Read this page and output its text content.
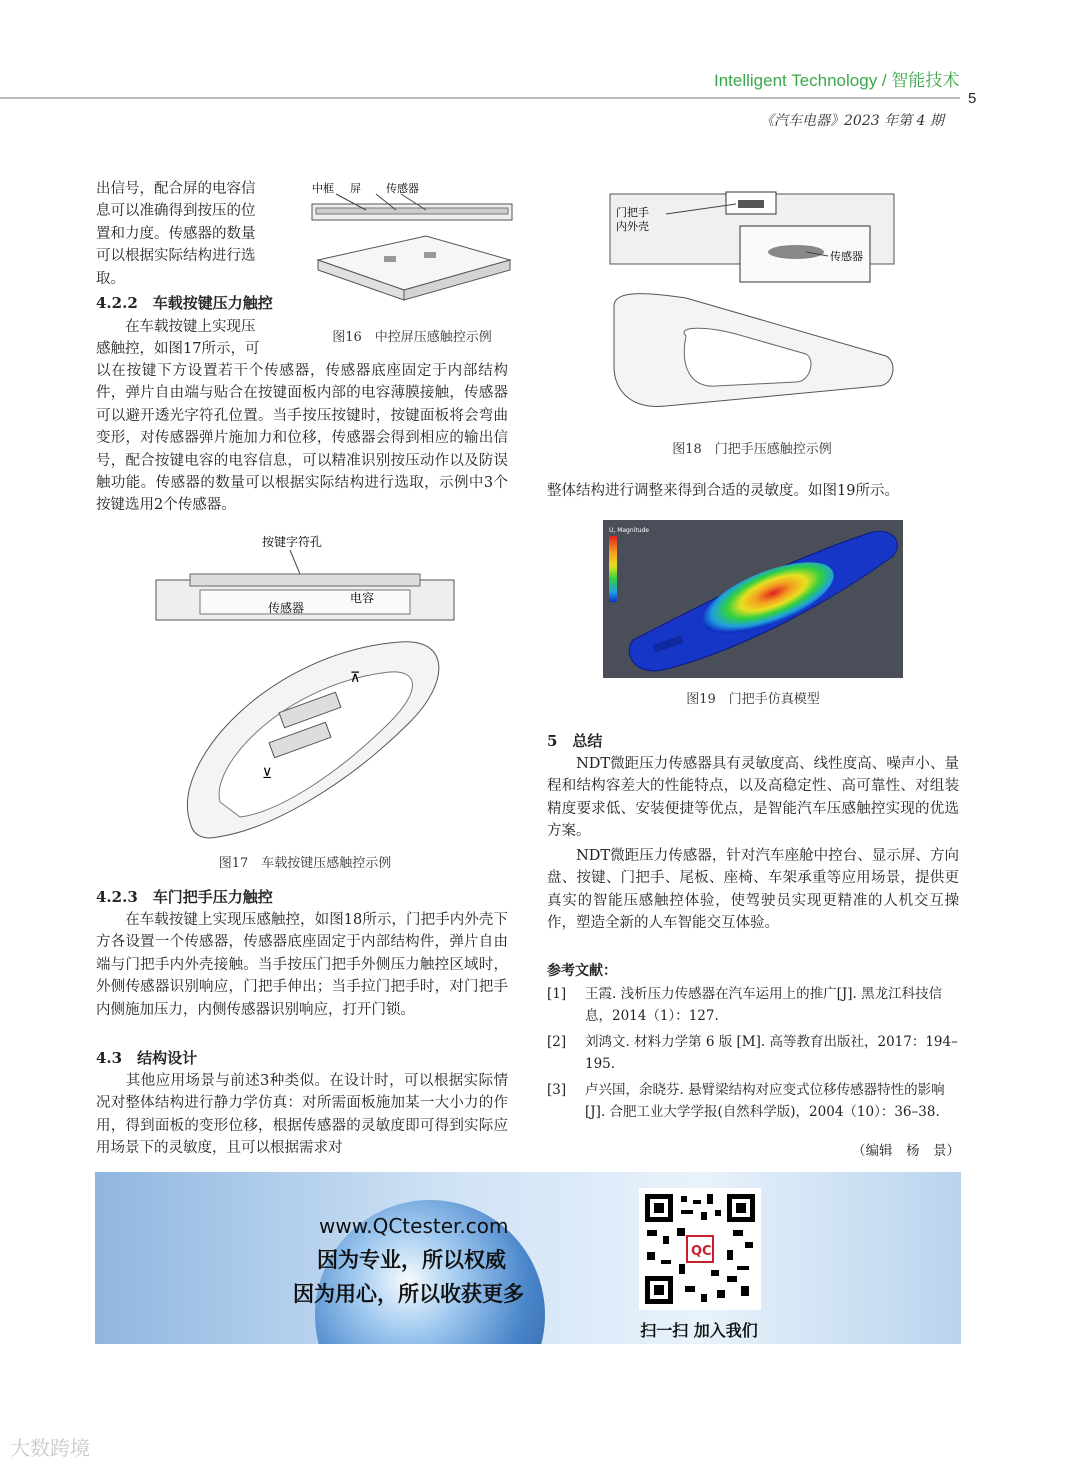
Intelligent Technology / 智能技术
5
《汽车电器》2023 年第 4 期
出信号，配合屏的电容信
息可以准确得到按压的位
置和力度。传感器的数量
可以根据实际结构进行选
取。
4.2.2　车载按键压力触控
　　在车载按键上实现压
感触控，如图17所示，可
以在按键下方设置若干个传感器，传感器底座固定于内部结构件，弹片自由端与贴合在按键面板内部的电容薄膜接触，传感器可以避开透光字符孔位置。当手按压按键时，按键面板将会弯曲变形，对传感器弹片施加力和位移，传感器会得到相应的输出信号，配合按键电容的电容信息，可以精准识别按压动作以及防误触功能。传感器的数量可以根据实际结构进行选取，示例中3个按键选用2个传感器。
中框 屏 传感器
图16　中控屏压感触控示例
按键字符孔
传感器
电容
⊼
⊻
图17　车载按键压感触控示例
4.2.3　车门把手压力触控
　　在车载按键上实现压感触控，如图18所示，门把手内外壳下方各设置一个传感器，传感器底座固定于内部结构件，弹片自由端与门把手内外壳接触。当手按压门把手外侧压力触控区域时，外侧传感器识别响应，门把手伸出；当手拉门把手时，对门把手内侧施加压力，内侧传感器识别响应，打开门锁。
4.3　结构设计
　　其他应用场景与前述3种类似。在设计时，可以根据实际情况对整体结构进行静力学仿真：对所需面板施加某一大小力的作用，得到面板的变形位移，根据传感器的灵敏度即可得到实际应用场景下的灵敏度，且可以根据需求对
门把手
内外壳
传感器
图18　门把手压感触控示例
整体结构进行调整来得到合适的灵敏度。如图19所示。
U, Magnitude
图19　门把手仿真模型
5　总结
　　NDT微距压力传感器具有灵敏度高、线性度高、噪声小、量程和结构容差大的性能特点，以及高稳定性、高可靠性、对组装精度要求低、安装便捷等优点，是智能汽车压感触控实现的优选方案。
　　NDT微距压力传感器，针对汽车座舱中控台、显示屏、方向盘、按键、门把手、尾板、座椅、车架承重等应用场景，提供更真实的智能压感触控体验，使驾驶员实现更精准的人机交互操作，塑造全新的人车智能交互体验。
参考文献：
[1]	王霞. 浅析压力传感器在汽车运用上的推广[J]. 黑龙江科技信息，2014（1）：127.
[2]	刘鸿文. 材料力学第 6 版 [M]. 高等教育出版社，2017：194–195.
[3]	卢兴国，余晓芬. 悬臂梁结构对应变式位移传感器特性的影响[J]. 合肥工业大学学报(自然科学版)，2004（10）：36–38.
（编辑　杨　景）
www.QCtester.com
因为专业，所以权威
因为用心，所以收获更多
QC
扫一扫 加入我们
大数跨境
